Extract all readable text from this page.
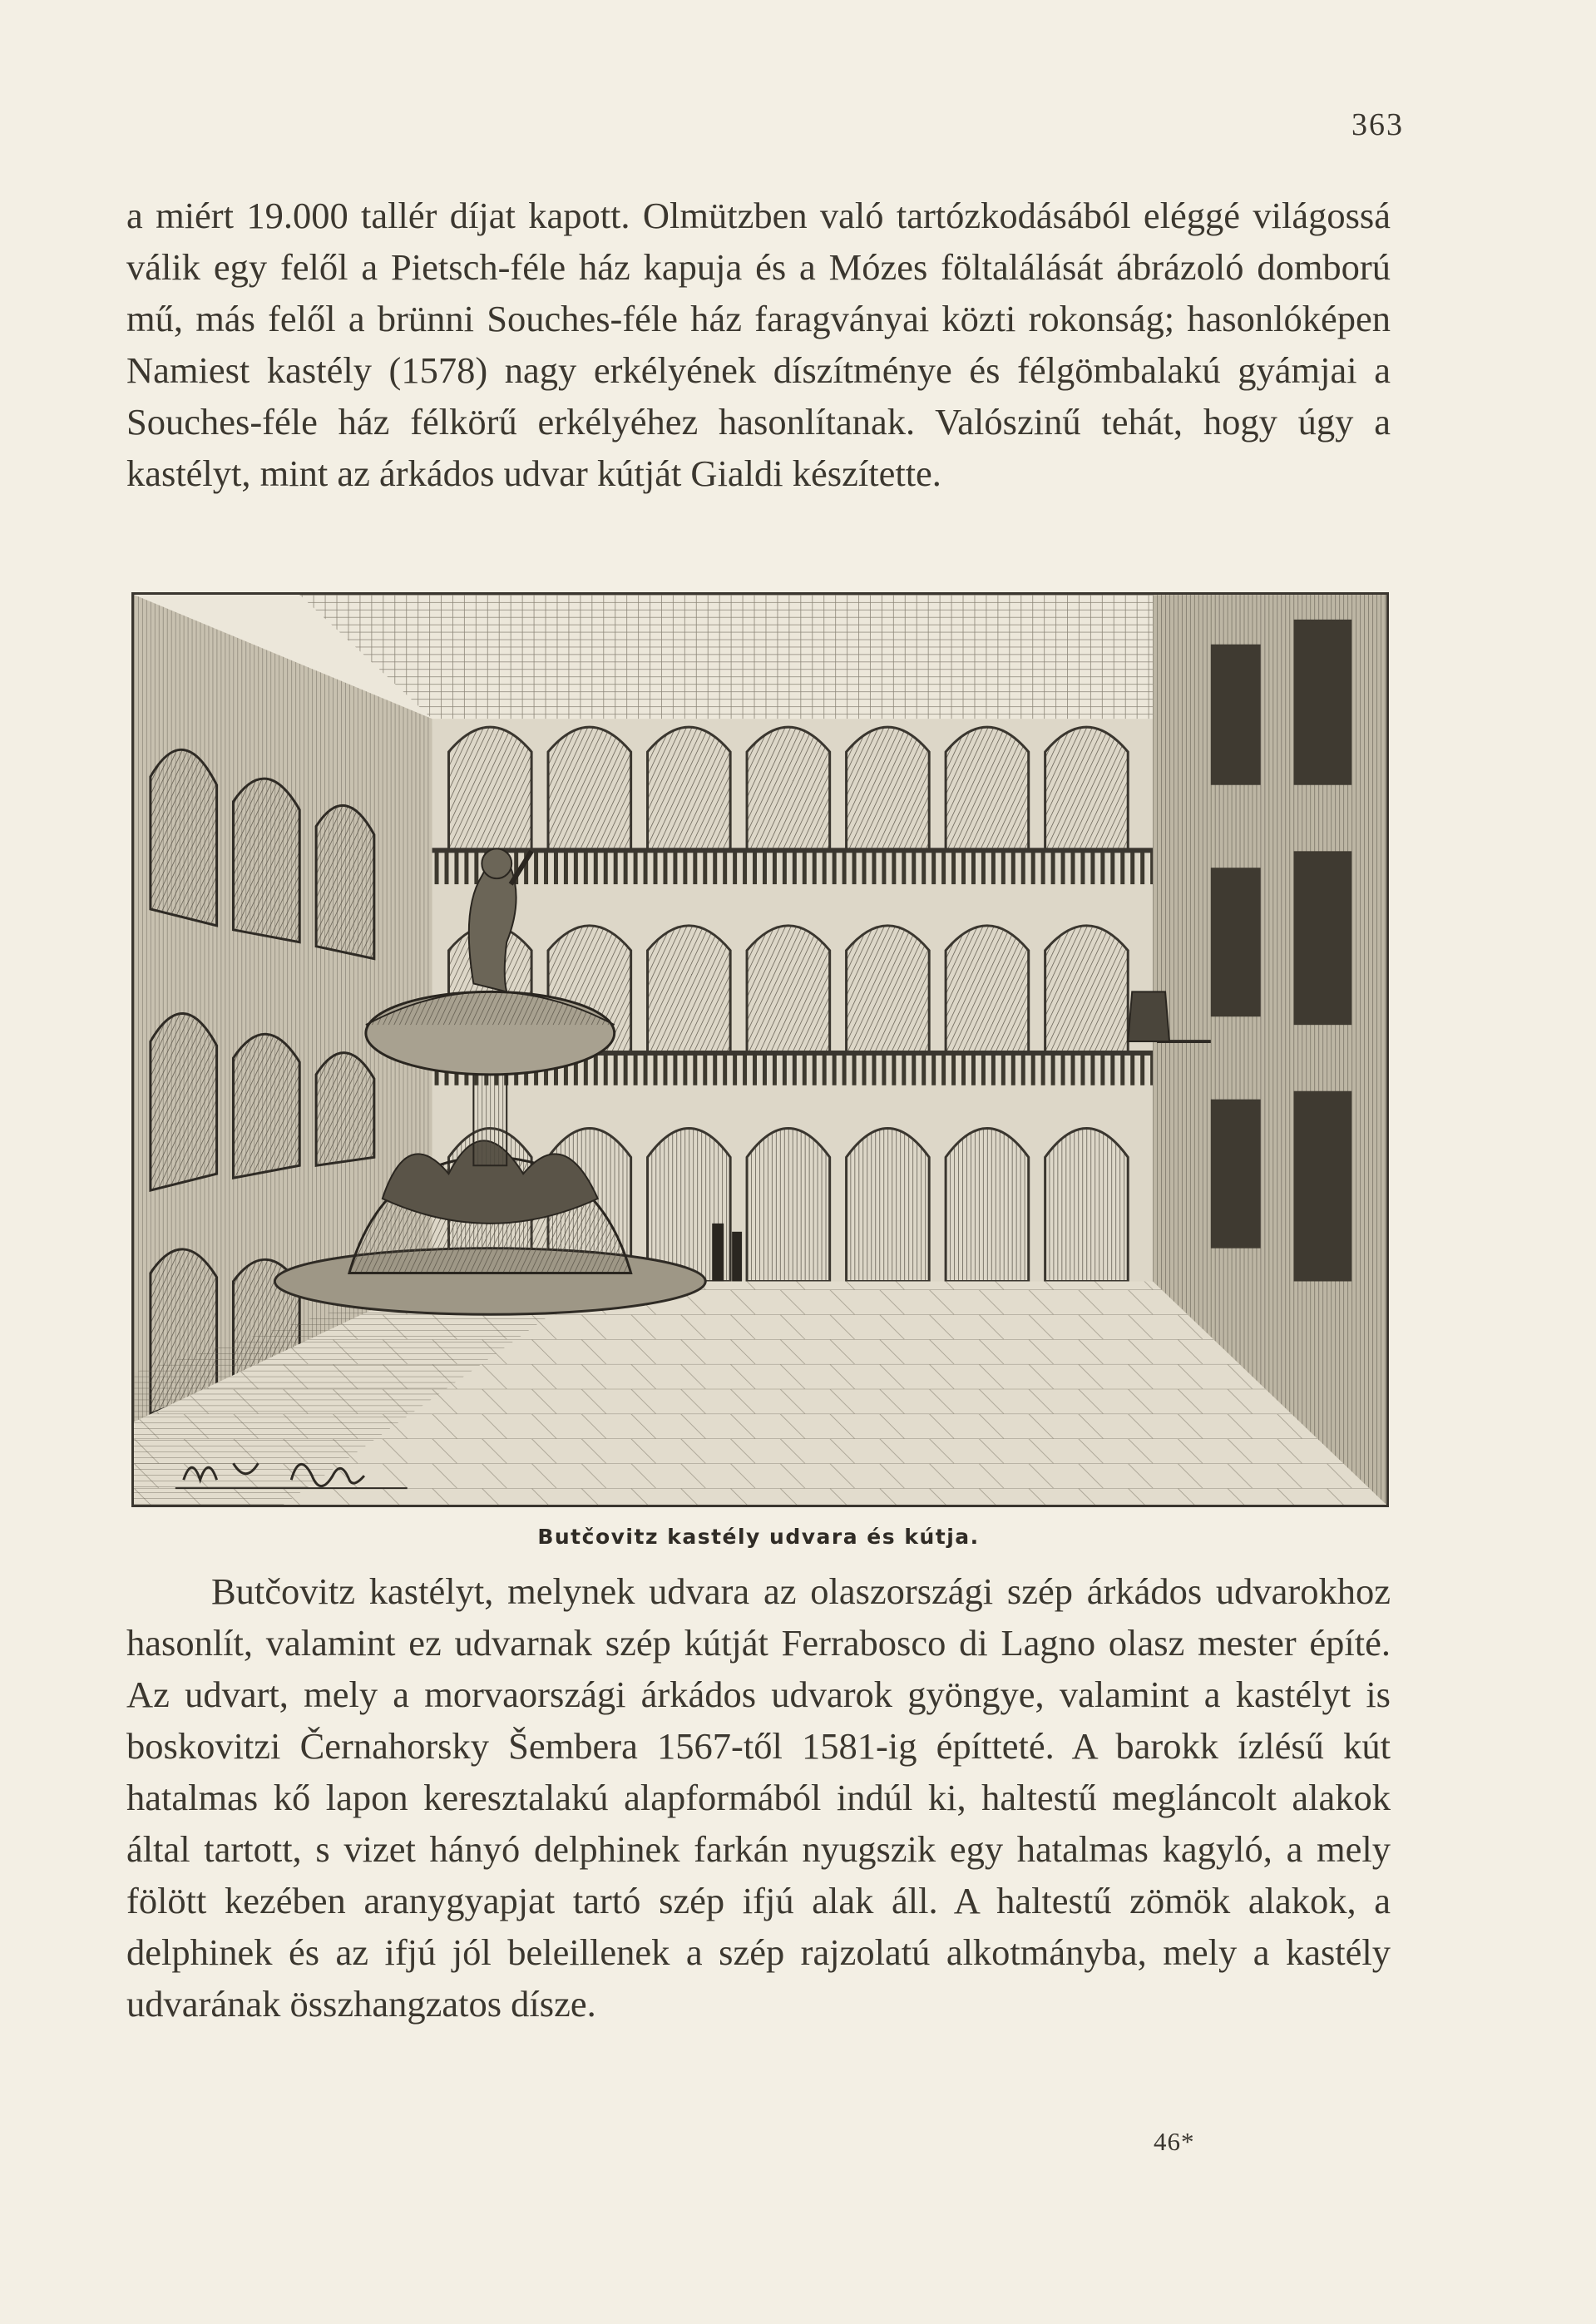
363

a miért 19.000 tallér díjat kapott. Olmützben való tartózkodásából eléggé világossá válik egy felől a Pietsch-féle ház kapuja és a Mózes föltalálását ábrázoló domború mű, más felől a brünni Souches-féle ház faragványai közti rokonság; hasonlóképen Namiest kastély (1578) nagy erkélyének díszítménye és félgömbalakú gyámjai a Souches-féle ház félkörű erkélyéhez hasonlítanak. Valószinű tehát, hogy úgy a kastélyt, mint az árkádos udvar kútját Gialdi készítette.

Butčovitz kastély udvara és kútja.

Butčovitz kastélyt, melynek udvara az olaszországi szép árkádos udvarokhoz hasonlít, valamint ez udvarnak szép kútját Ferrabosco di Lagno olasz mester építé. Az udvart, mely a morvaországi árkádos udvarok gyöngye, valamint a kastélyt is boskovitzi Černahorsky Šembera 1567-től 1581-ig építteté. A barokk ízlésű kút hatalmas kő lapon keresztalakú alapformából indúl ki, haltestű megláncolt alakok által tartott, s vizet hányó delphinek farkán nyugszik egy hatalmas kagyló, a mely fölött kezében aranygyapjat tartó szép ifjú alak áll. A haltestű zömök alakok, a delphinek és az ifjú jól beleillenek a szép rajzolatú alkotmányba, mely a kastély udvarának összhangzatos dísze.

46*
